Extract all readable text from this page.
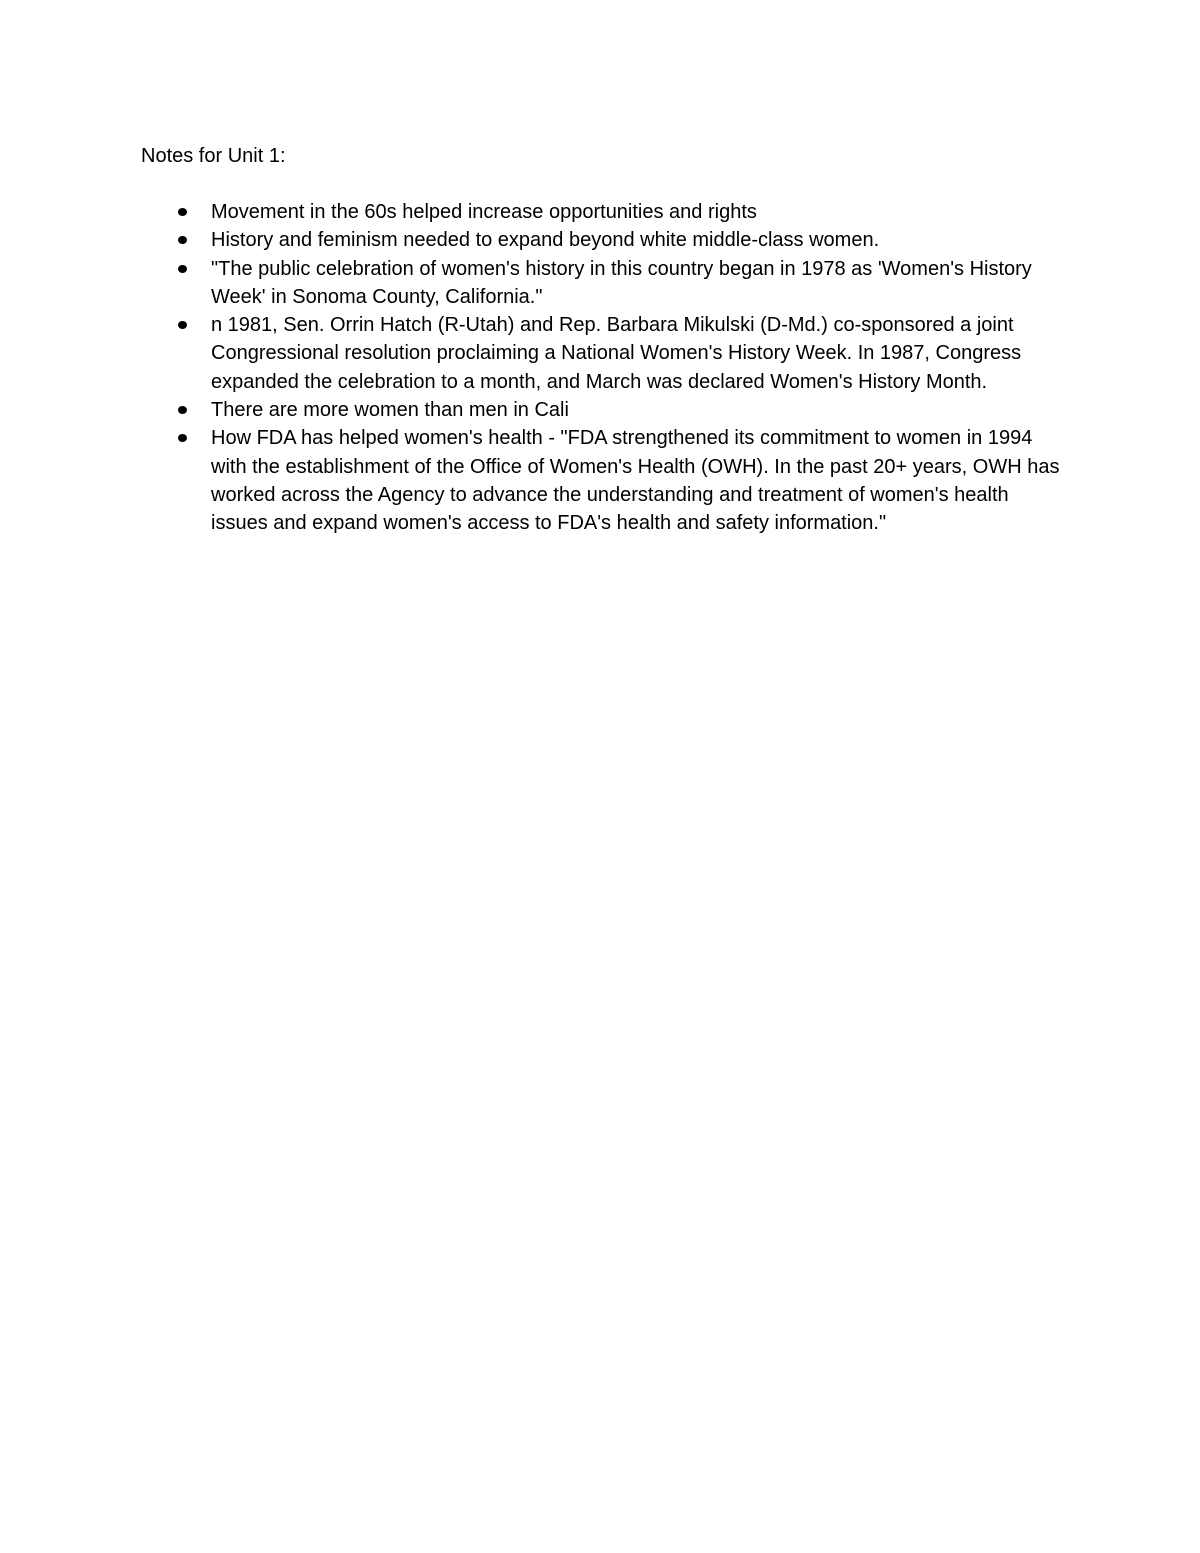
Notes for Unit 1:

Movement in the 60s helped increase opportunities and rights
History and feminism needed to expand beyond white middle-class women.
"The public celebration of women's history in this country began in 1978 as 'Women's History Week' in Sonoma County, California."
n 1981, Sen. Orrin Hatch (R-Utah) and Rep. Barbara Mikulski (D-Md.) co-sponsored a joint Congressional resolution proclaiming a National Women's History Week. In 1987, Congress expanded the celebration to a month, and March was declared Women's History Month.
There are more women than men in Cali
How FDA has helped women's health - "FDA strengthened its commitment to women in 1994 with the establishment of the Office of Women's Health (OWH). In the past 20+ years, OWH has worked across the Agency to advance the understanding and treatment of women's health issues and expand women's access to FDA's health and safety information."
